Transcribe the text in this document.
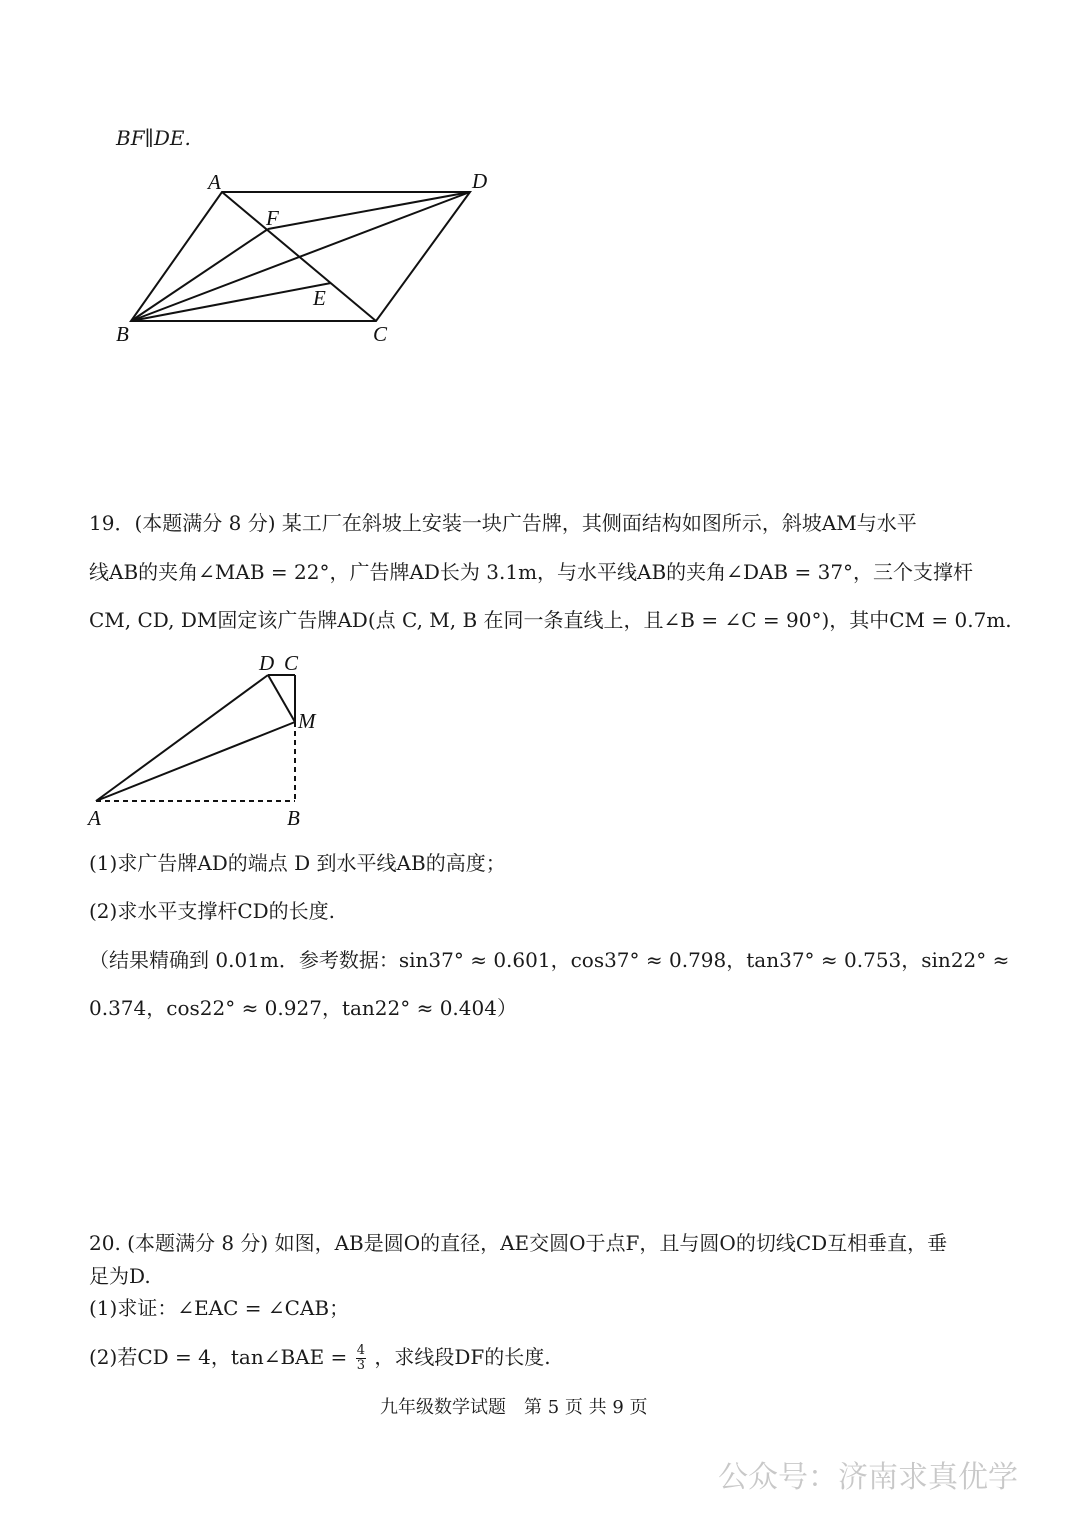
BF∥DE.
A	D
F
E
B	C
19．(本题满分 8 分) 某工厂在斜坡上安装一块广告牌，其侧面结构如图所示，斜坡AM与水平
线AB的夹角∠MAB = 22°，广告牌AD长为 3.1m，与水平线AB的夹角∠DAB = 37°，三个支撑杆
CM, CD, DM固定该广告牌AD(点 C, M, B 在同一条直线上，且∠B = ∠C = 90°)，其中CM = 0.7m.
D C
M
A	B
(1)求广告牌AD的端点 D 到水平线AB的高度；
(2)求水平支撑杆CD的长度.
（结果精确到 0.01m．参考数据：sin37° ≈ 0.601，cos37° ≈ 0.798，tan37° ≈ 0.753，sin22° ≈
0.374，cos22° ≈ 0.927，tan22° ≈ 0.404）
20. (本题满分 8 分) 如图，AB是圆O的直径，AE交圆O于点F，且与圆O的切线CD互相垂直，垂
足为D.
(1)求证：∠EAC = ∠CAB；
(2)若CD = 4，tan∠BAE = $\frac{4}{3}$ ，求线段DF的长度.
九年级数学试题　第 5 页 共 9 页
公众号：济南求真优学
